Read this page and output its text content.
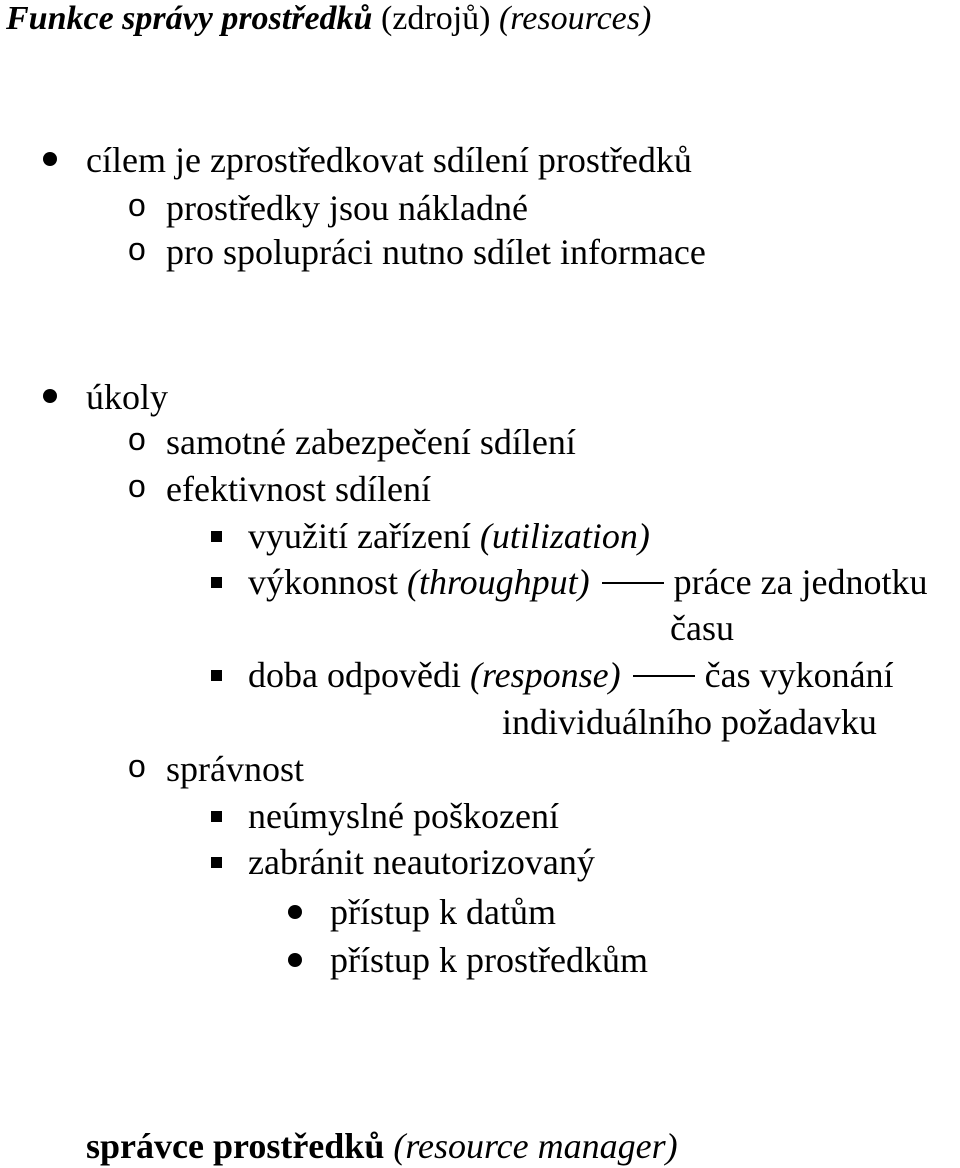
Funkce správy prostředků (zdrojů) (resources)
cílem je zprostředkovat sdílení prostředků
o prostředky jsou nákladné
o pro spolupráci nutno sdílet informace
úkoly
o samotné zabezpečení sdílení
o efektivnost sdílení
využití zařízení (utilization)
výkonnost (throughput) práce za jednotku
času
doba odpovědi (response) čas vykonání
individuálního požadavku
o správnost
neúmyslné poškození
zabránit neautorizovaný
přístup k datům
přístup k prostředkům
správce prostředků (resource manager)
